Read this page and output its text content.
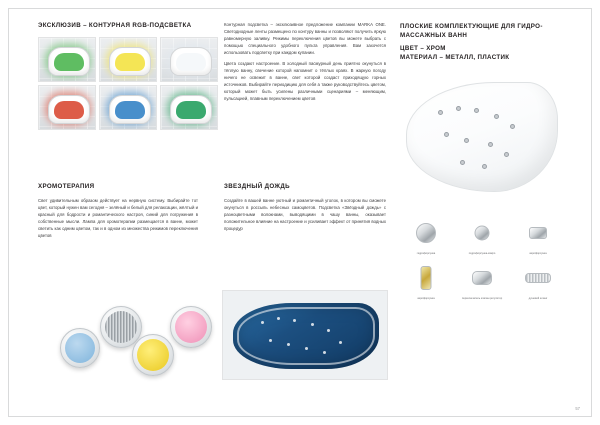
ЭКСКЛЮЗИВ – КОНТУРНАЯ RGB-ПОДСВЕТКА	Контурная подсветка – эксклюзивное предложение компании MARKA ONE. Светодиодные ленты размещено по контуру ванны и позволяют получить яркую равномерную заливку. Режимы переключения цветов вы можете выбрать с помощью специального удобного пульта управления. Вам захочется использовать подсветку при каждом купании.

Цвета создают настроение. В холодный пасмурный день приятно окунуться в тёплую ванну, свечение которой напомнит о тёплых краях. В жаркую погоду ничего не освежит в ванне, свет которой создаст приходящую горных источников. Выбирайте периодицию для себя а также руководствуйтесь цветом, который может быть усилены различными сценариями – меняющим, пульсацией, плавным переключением цветов

ХРОМОТЕРАПИЯ

Свет удивительным образом действует на нервную систему. Выбирайте тот цвет, который нужен вам сегодня – зелёный и белый для релаксации, жёлтый и красный для бодрости и романтического настроя, синий для погружения в собственные мысли. Лампа для хромотерапии размещается в ванне, может светить как одним цветом, так и в одном из множества режимов переключения цветов

ЗВЕЗДНЫЙ ДОЖДЬ

Создайте в вашей ванне уютный и романтичный уголок, в котором вы сможете окунуться в россыпь небесных самоцветов. Подсветка «Звёздный дождь» с разноцветными волокнами, выводящими в чашу ванны, оказывает положительное влияние на настроение и усиливает эффект от принятия водных процедур

ПЛОСКИЕ КОМПЛЕКТУЮЩИЕ ДЛЯ ГИДРО-МАССАЖНЫХ ВАНН
ЦВЕТ – ХРОМ
МАТЕРИАЛ – МЕТАЛЛ, ПЛАСТИК
гидрофорсунка	гидрофорсунка-микро	аэрофорсунка
аэрофорсунка	переключатель клапан регулятор	душевой шланг
57
